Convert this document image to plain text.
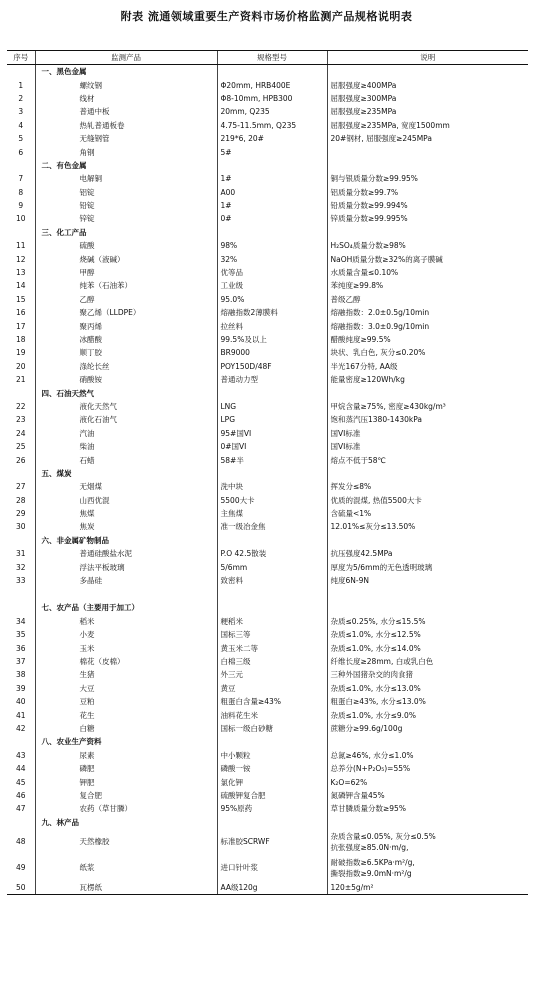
附表 流通领域重要生产资料市场价格监测产品规格说明表
序号	监测产品	规格型号	说明
	一、黑色金属		
1	螺纹钢	Φ20mm, HRB400E	屈服强度≥400MPa
2	线材	Φ8-10mm, HPB300	屈服强度≥300MPa
3	普通中板	20mm, Q235	屈服强度≥235MPa
4	热轧普通板卷	4.75-11.5mm, Q235	屈服强度≥235MPa, 宽度1500mm
5	无缝钢管	219*6, 20#	20#钢材, 屈服强度≥245MPa
6	角钢	5#	
	二、有色金属		
7	电解铜	1#	铜与银质量分数≥99.95%
8	铝锭	A00	铝质量分数≥99.7%
9	铅锭	1#	铅质量分数≥99.994%
10	锌锭	0#	锌质量分数≥99.995%
	三、化工产品		
11	硫酸	98%	H₂SO₄质量分数≥98%
12	烧碱（液碱）	32%	NaOH质量分数≥32%的离子膜碱
13	甲醇	优等品	水质量含量≤0.10%
14	纯苯（石油苯）	工业级	苯纯度≥99.8%
15	乙醇	95.0%	普级乙醇
16	聚乙烯（LLDPE）	熔融指数2薄膜料	熔融指数：2.0±0.5g/10min
17	聚丙烯	拉丝料	熔融指数：3.0±0.9g/10min
18	冰醋酸	99.5%及以上	醋酸纯度≥99.5%
19	顺丁胶	BR9000	块状、乳白色, 灰分≤0.20%
20	涤纶长丝	POY150D/48F	半光167分特, AA级
21	硝酸铵	普通动力型	能量密度≥120Wh/kg
	四、石油天然气		
22	液化天然气	LNG	甲烷含量≥75%, 密度≥430kg/m³
23	液化石油气	LPG	饱和蒸汽压1380-1430kPa
24	汽油	95#国VI	国VI标准
25	柴油	0#国VI	国VI标准
26	石蜡	58#半	熔点不低于58℃
	五、煤炭		
27	无烟煤	洗中块	挥发分≤8%
28	山西优混	5500大卡	优质的混煤, 热值5500大卡
29	焦煤	主焦煤	含硫量<1%
30	焦炭	准一级冶金焦	12.01%≤灰分≤13.50%
	六、非金属矿物制品		
31	普通硅酸盐水泥	P.O 42.5散装	抗压强度42.5MPa
32	浮法平板玻璃	5/6mm	厚度为5/6mm的无色透明玻璃
33	多晶硅	致密料	纯度6N-9N

	七、农产品（主要用于加工）		
34	稻米	粳稻米	杂质≤0.25%, 水分≤15.5%
35	小麦	国标三等	杂质≤1.0%, 水分≤12.5%
36	玉米	黄玉米二等	杂质≤1.0%, 水分≤14.0%
37	棉花（皮棉）	白棉三级	纤维长度≥28mm, 白或乳白色
38	生猪	外三元	三种外国猪杂交的肉食猪
39	大豆	黄豆	杂质≤1.0%, 水分≤13.0%
40	豆粕	粗蛋白含量≥43%	粗蛋白≥43%, 水分≤13.0%
41	花生	油料花生米	杂质≤1.0%, 水分≤9.0%
42	白糖	国标一级白砂糖	蔗糖分≥99.6g/100g
	八、农业生产资料		
43	尿素	中小颗粒	总氮≥46%, 水分≤1.0%
44	磷肥	磷酸一铵	总养分(N+P₂O₅)=55%
45	钾肥	氯化钾	K₂O=62%
46	复合肥	硫酸钾复合肥	氮磷钾含量45%
47	农药（草甘膦）	95%原药	草甘膦质量分数≥95%
	九、林产品		
48	天然橡胶	标准胶SCRWF	杂质含量≤0.05%, 灰分≤0.5%
抗张强度≥85.0N·m/g,

49	纸浆	进口针叶浆	耐破指数≥6.5KPa·m²/g,
撕裂指数≥9.0mN·m²/g

50	瓦楞纸	AA级120g	120±5g/m²
